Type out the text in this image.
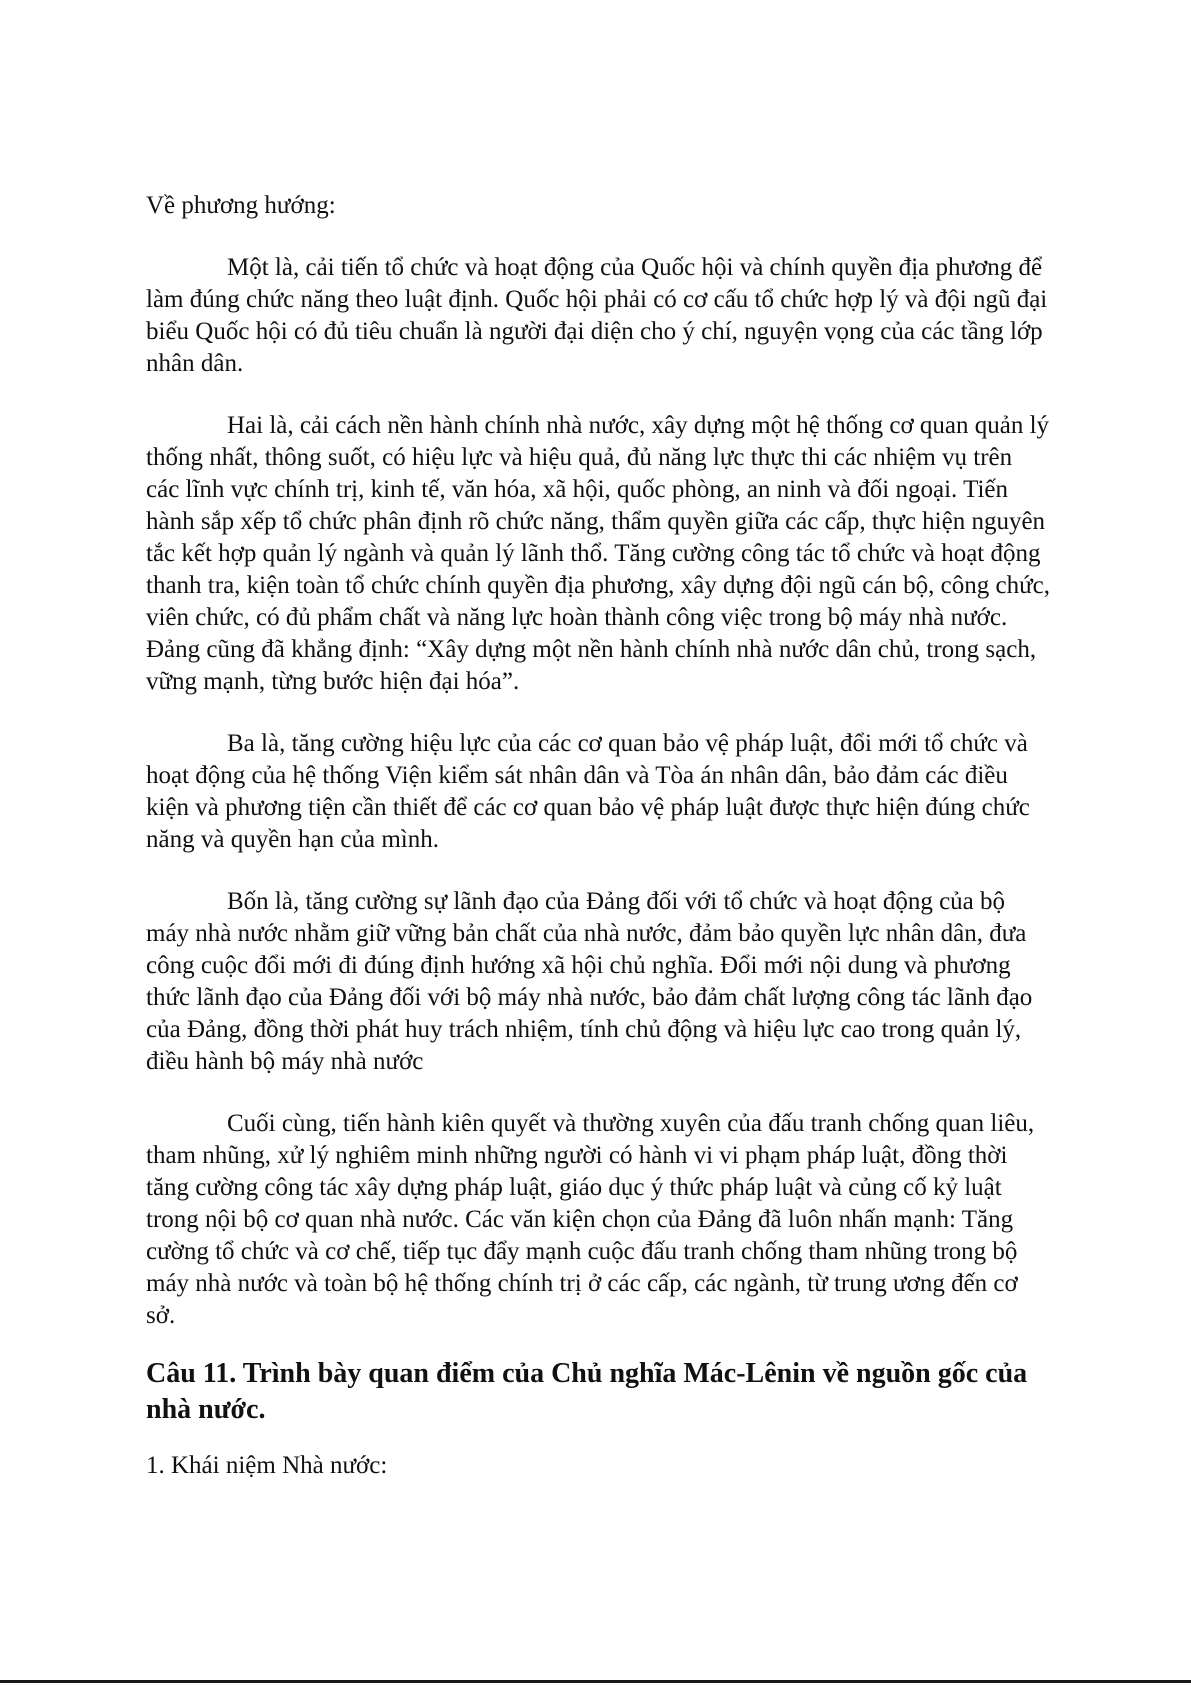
Về phương hướng:

Một là, cải tiến tổ chức và hoạt động của Quốc hội và chính quyền địa phương để làm đúng chức năng theo luật định. Quốc hội phải có cơ cấu tổ chức hợp lý và đội ngũ đại biểu Quốc hội có đủ tiêu chuẩn là người đại diện cho ý chí, nguyện vọng của các tầng lớp nhân dân.

Hai là, cải cách nền hành chính nhà nước, xây dựng một hệ thống cơ quan quản lý thống nhất, thông suốt, có hiệu lực và hiệu quả, đủ năng lực thực thi các nhiệm vụ trên các lĩnh vực chính trị, kinh tế, văn hóa, xã hội, quốc phòng, an ninh và đối ngoại. Tiến hành sắp xếp tổ chức phân định rõ chức năng, thẩm quyền giữa các cấp, thực hiện nguyên tắc kết hợp quản lý ngành và quản lý lãnh thổ. Tăng cường công tác tổ chức và hoạt động thanh tra, kiện toàn tổ chức chính quyền địa phương, xây dựng đội ngũ cán bộ, công chức, viên chức, có đủ phẩm chất và năng lực hoàn thành công việc trong bộ máy nhà nước. Đảng cũng đã khẳng định: “Xây dựng một nền hành chính nhà nước dân chủ, trong sạch, vững mạnh, từng bước hiện đại hóa”.

Ba là, tăng cường hiệu lực của các cơ quan bảo vệ pháp luật, đổi mới tổ chức và hoạt động của hệ thống Viện kiểm sát nhân dân và Tòa án nhân dân, bảo đảm các điều kiện và phương tiện cần thiết để các cơ quan bảo vệ pháp luật được thực hiện đúng chức năng và quyền hạn của mình.

Bốn là, tăng cường sự lãnh đạo của Đảng đối với tổ chức và hoạt động của bộ máy nhà nước nhằm giữ vững bản chất của nhà nước, đảm bảo quyền lực nhân dân, đưa công cuộc đổi mới đi đúng định hướng xã hội chủ nghĩa. Đổi mới nội dung và phương thức lãnh đạo của Đảng đối với bộ máy nhà nước, bảo đảm chất lượng công tác lãnh đạo của Đảng, đồng thời phát huy trách nhiệm, tính chủ động và hiệu lực cao trong quản lý, điều hành bộ máy nhà nước

Cuối cùng, tiến hành kiên quyết và thường xuyên của đấu tranh chống quan liêu, tham nhũng, xử lý nghiêm minh những người có hành vi vi phạm pháp luật, đồng thời tăng cường công tác xây dựng pháp luật, giáo dục ý thức pháp luật và củng cố kỷ luật trong nội bộ cơ quan nhà nước. Các văn kiện chọn của Đảng đã luôn nhấn mạnh: Tăng cường tổ chức và cơ chế, tiếp tục đẩy mạnh cuộc đấu tranh chống tham nhũng trong bộ máy nhà nước và toàn bộ hệ thống chính trị ở các cấp, các ngành, từ trung ương đến cơ sở.

Câu 11. Trình bày quan điểm của Chủ nghĩa Mác-Lênin về nguồn gốc của nhà nước.

1. Khái niệm Nhà nước:
